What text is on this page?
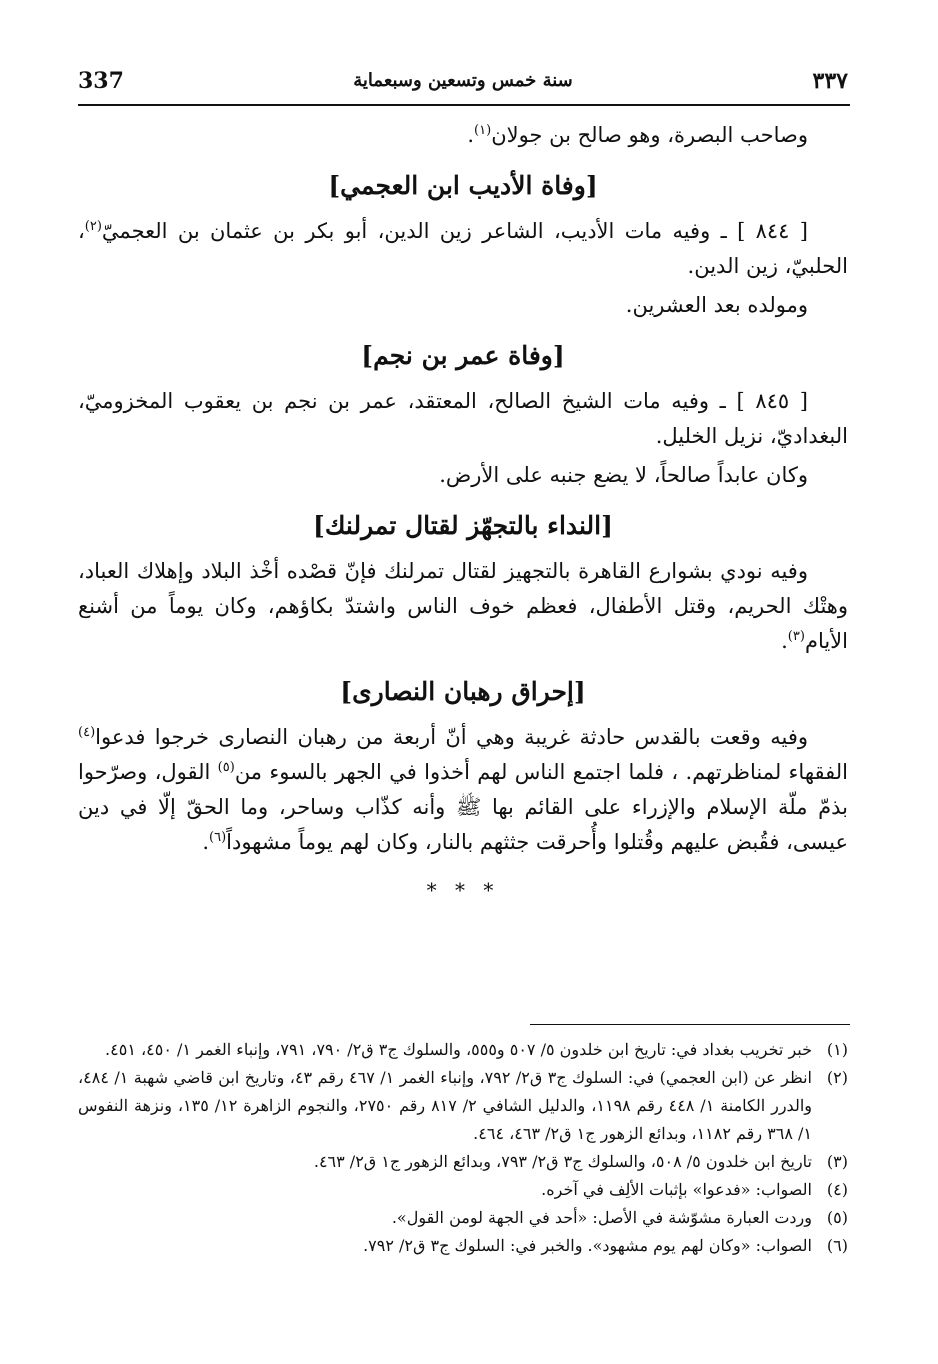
337	سنة خمس وتسعين وسبعماية	٣٣٧

وصاحب البصرة، وهو صالح بن جولان$^{(١)}$.

[وفاة الأديب ابن العجمي]

[ ٨٤٤ ] ـ وفيه مات الأديب، الشاعر زين الدين، أبو بكر بن عثمان بن العجميّ$^{(٢)}$، الحلبيّ، زين الدين.

ومولده بعد العشرين.

[وفاة عمر بن نجم]

[ ٨٤٥ ] ـ وفيه مات الشيخ الصالح، المعتقد، عمر بن نجم بن يعقوب المخزوميّ، البغداديّ، نزيل الخليل.

وكان عابداً صالحاً، لا يضع جنبه على الأرض.

[النداء بالتجهّز لقتال تمرلنك]

وفيه نودي بشوارع القاهرة بالتجهيز لقتال تمرلنك فإنّ قصْده أخْذ البلاد وإهلاك العباد، وهتْك الحريم، وقتل الأطفال، فعظم خوف الناس واشتدّ بكاؤهم، وكان يوماً من أشنع الأيام$^{(٣)}$.

[إحراق رهبان النصارى]

وفيه وقعت بالقدس حادثة غريبة وهي أنّ أربعة من رهبان النصارى خرجوا فدعوا$^{(٤)}$ الفقهاء لمناظرتهم. ، فلما اجتمع الناس لهم أخذوا في الجهر بالسوء من$^{(٥)}$ القول، وصرّحوا بذمّ ملّة الإسلام والإزراء على القائم بها ﷺ وأنه كذّاب وساحر، وما الحقّ إلّا في دين عيسى، فقُبض عليهم وقُتلوا وأُحرقت جثثهم بالنار، وكان لهم يوماً مشهوداً$^{(٦)}$.

* * *
(١)
خبر تخريب بغداد في: تاريخ ابن خلدون ٥/ ٥٠٧ و٥٥٥، والسلوك ج٣ ق٢/ ٧٩٠، ٧٩١، وإنباء الغمر ١/ ٤٥٠، ٤٥١.
(٢)
انظر عن (ابن العجمي) في: السلوك ج٣ ق٢/ ٧٩٢، وإنباء الغمر ١/ ٤٦٧ رقم ٤٣، وتاريخ ابن قاضي شهبة ١/ ٤٨٤، والدرر الكامنة ١/ ٤٤٨ رقم ١١٩٨، والدليل الشافي ٢/ ٨١٧ رقم ٢٧٥٠، والنجوم الزاهرة ١٢/ ١٣٥، ونزهة النفوس ١/ ٣٦٨ رقم ١١٨٢، وبدائع الزهور ج١ ق٢/ ٤٦٣، ٤٦٤.
(٣)
تاريخ ابن خلدون ٥/ ٥٠٨، والسلوك ج٣ ق٢/ ٧٩٣، وبدائع الزهور ج١ ق٢/ ٤٦٣.
(٤)
الصواب: «فدعوا» بإثبات الألِف في آخره.
(٥)
وردت العبارة مشوّشة في الأصل: «أحد في الجهة لومن القول».
(٦)
الصواب: «وكان لهم يوم مشهود». والخبر في: السلوك ج٣ ق٢/ ٧٩٢.
